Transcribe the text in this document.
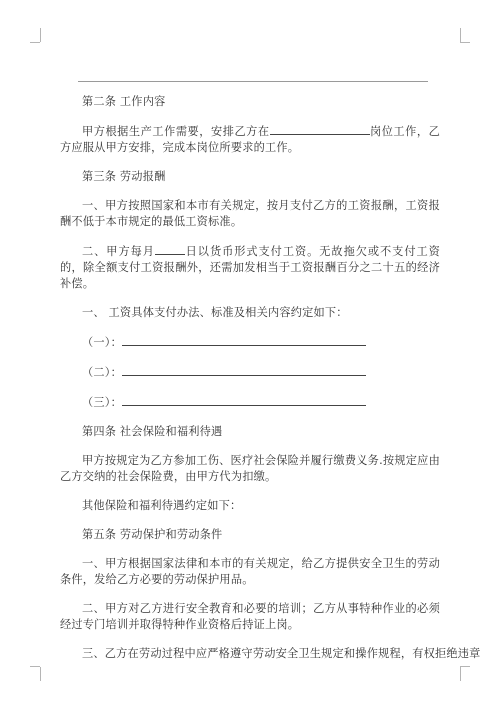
第二条 工作内容

甲方根据生产工作需要，安排乙方在	岗位工作，乙方应服从甲方安排，完成本岗位所要求的工作。

第三条 劳动报酬

一、甲方按照国家和本市有关规定，按月支付乙方的工资报酬，工资报酬不低于本市规定的最低工资标准。

二、甲方每月	日以货币形式支付工资。无故拖欠或不支付工资的，除全额支付工资报酬外，还需加发相当于工资报酬百分之二十五的经济补偿。

一、 工资具体支付办法、标准及相关内容约定如下：

（一）：

（二）：

（三）：

第四条 社会保险和福利待遇

甲方按规定为乙方参加工伤、医疗社会保险并履行缴费义务.按规定应由乙方交纳的社会保险费，由甲方代为扣缴。

其他保险和福利待遇约定如下：

第五条 劳动保护和劳动条件

一、甲方根据国家法律和本市的有关规定，给乙方提供安全卫生的劳动条件，发给乙方必要的劳动保护用品。

二、甲方对乙方进行安全教育和必要的培训；乙方从事特种作业的必须经过专门培训并取得特种作业资格后持证上岗。

三、乙方在劳动过程中应严格遵守劳动安全卫生规定和操作规程，有权拒绝违章
